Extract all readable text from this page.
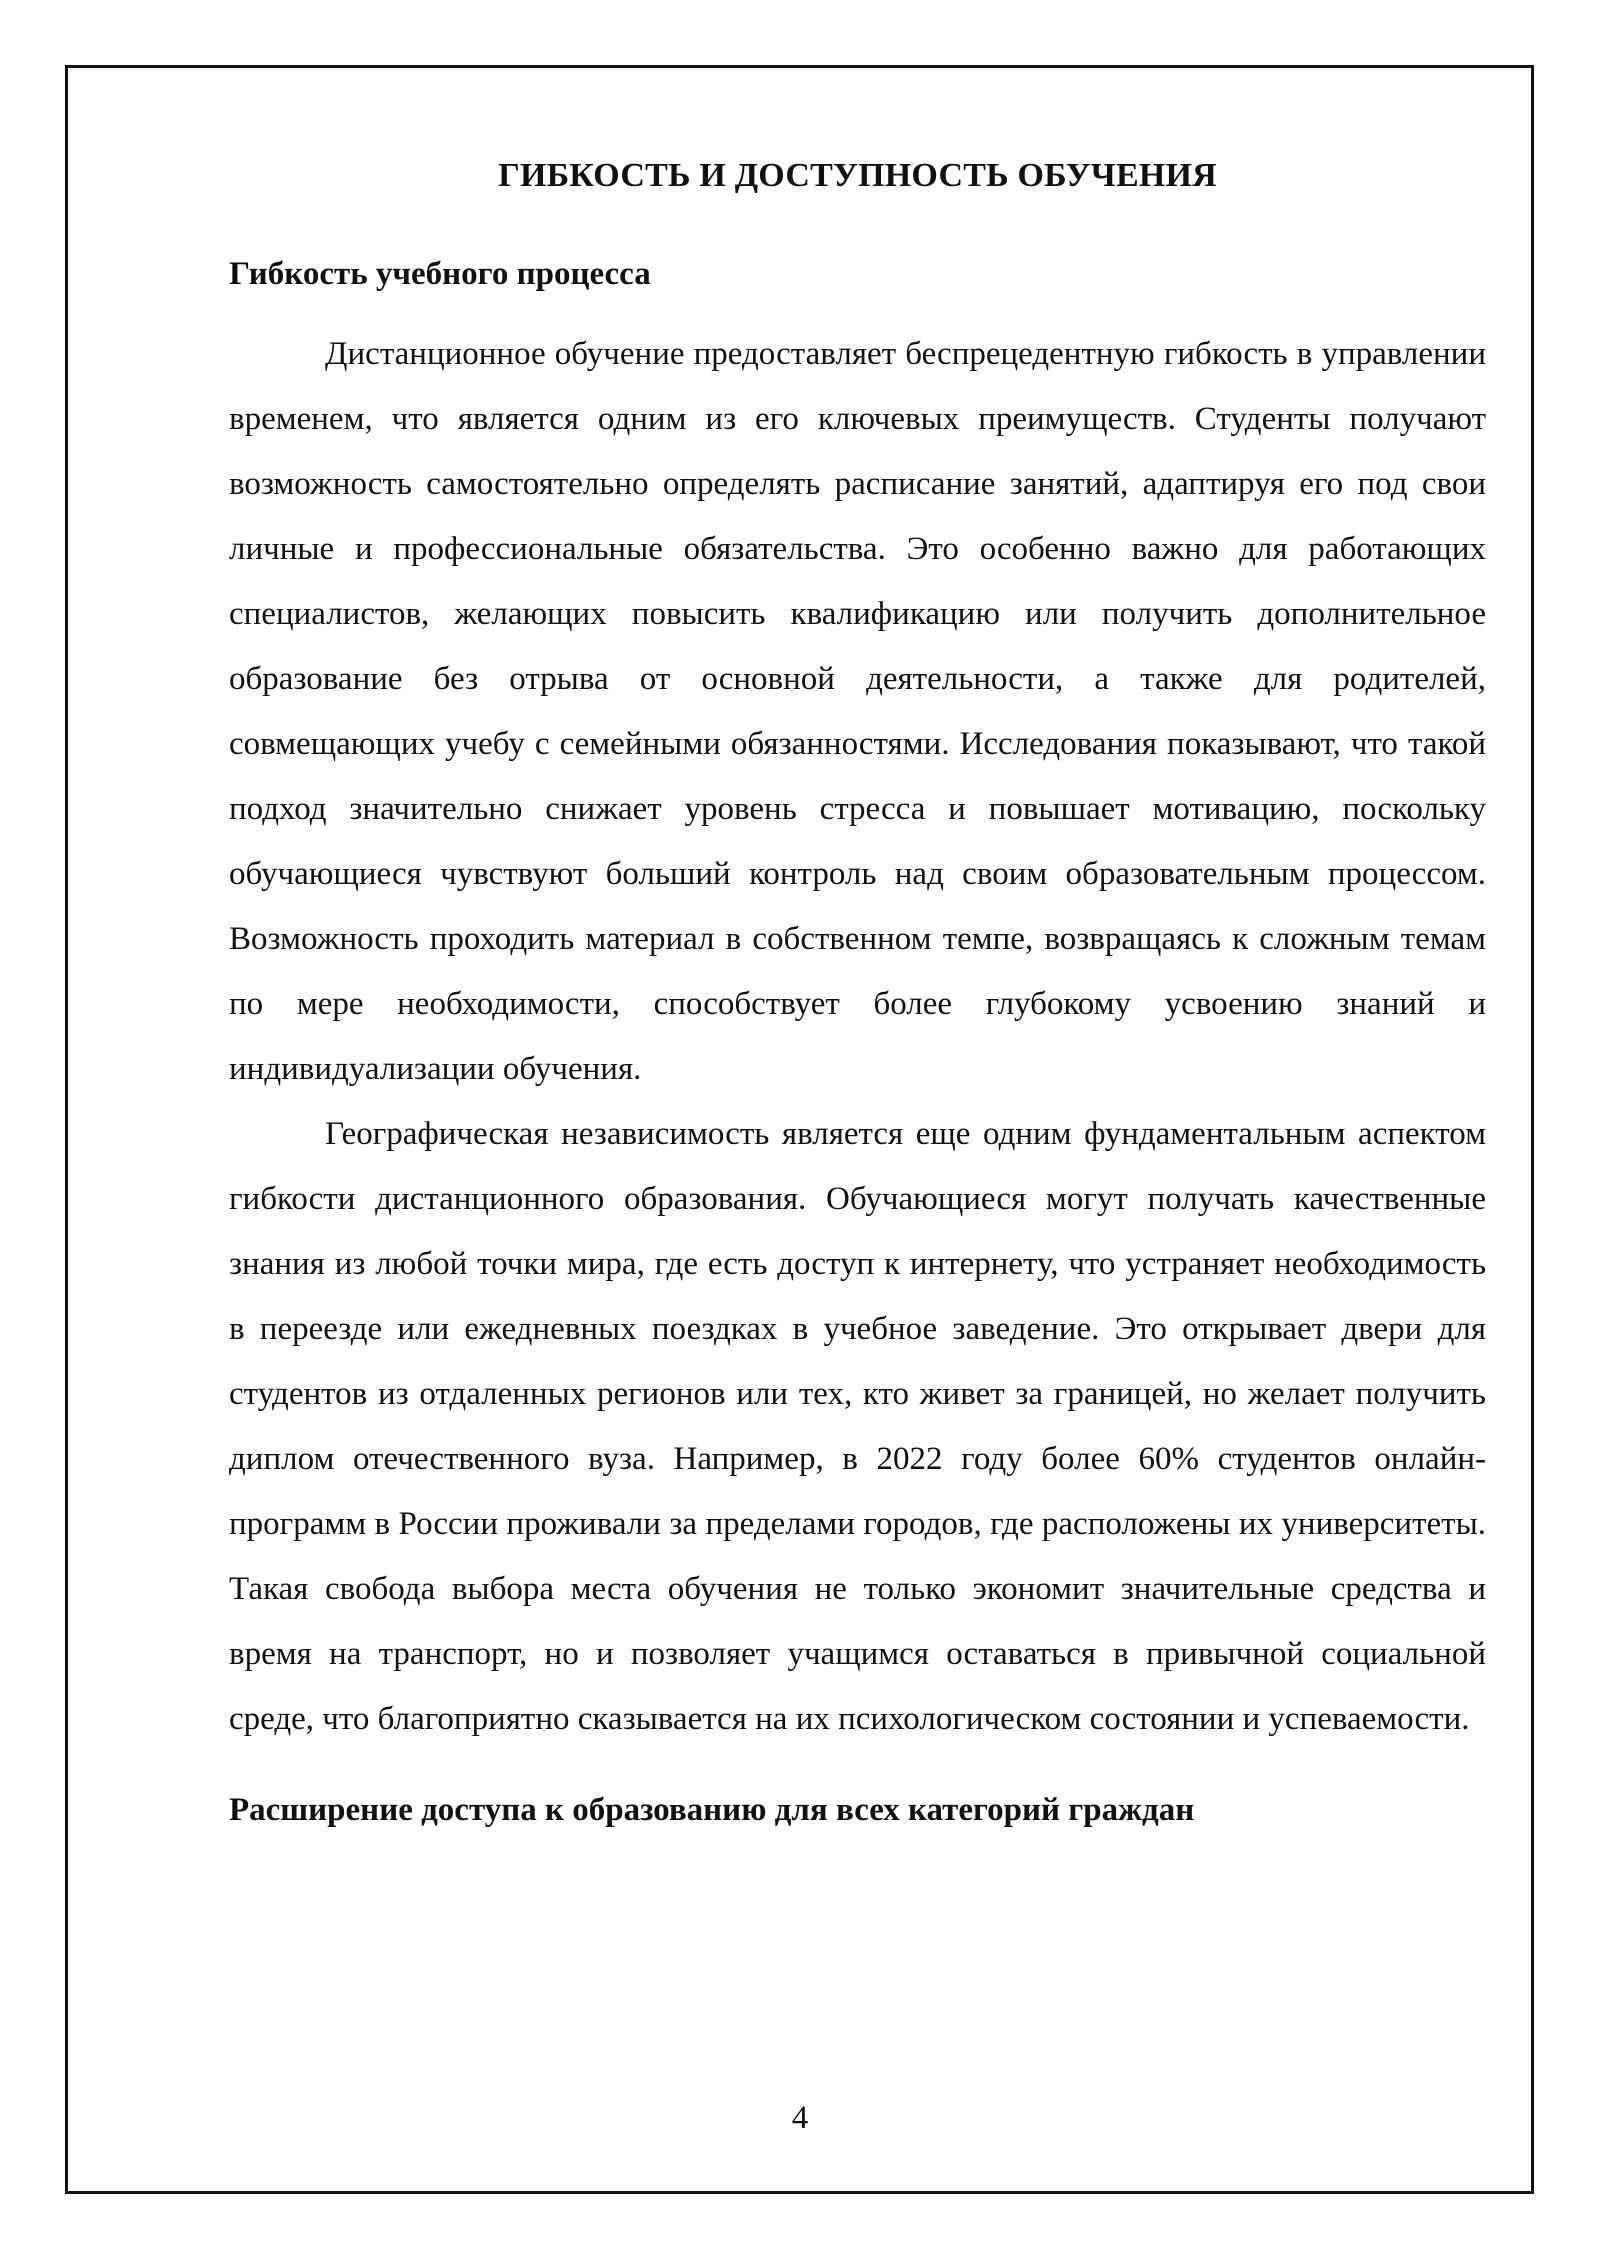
ГИБКОСТЬ И ДОСТУПНОСТЬ ОБУЧЕНИЯ
Гибкость учебного процесса

Дистанционное обучение предоставляет беспрецедентную гибкость в управлении временем, что является одним из его ключевых преимуществ. Студенты получают возможность самостоятельно определять расписание занятий, адаптируя его под свои личные и профессиональные обязательства. Это особенно важно для работающих специалистов, желающих повысить квалификацию или получить дополнительное образование без отрыва от основной деятельности, а также для родителей, совмещающих учебу с семейными обязанностями. Исследования показывают, что такой подход значительно снижает уровень стресса и повышает мотивацию, поскольку обучающиеся чувствуют больший контроль над своим образовательным процессом. Возможность проходить материал в собственном темпе, возвращаясь к сложным темам по мере необходимости, способствует более глубокому усвоению знаний и индивидуализации обучения.

Географическая независимость является еще одним фундаментальным аспектом гибкости дистанционного образования. Обучающиеся могут получать качественные знания из любой точки мира, где есть доступ к интернету, что устраняет необходимость в переезде или ежедневных поездках в учебное заведение. Это открывает двери для студентов из отдаленных регионов или тех, кто живет за границей, но желает получить диплом отечественного вуза. Например, в 2022 году более 60% студентов онлайн-программ в России проживали за пределами городов, где расположены их университеты. Такая свобода выбора места обучения не только экономит значительные средства и время на транспорт, но и позволяет учащимся оставаться в привычной социальной среде, что благоприятно сказывается на их психологическом состоянии и успеваемости.

Расширение доступа к образованию для всех категорий граждан
4
